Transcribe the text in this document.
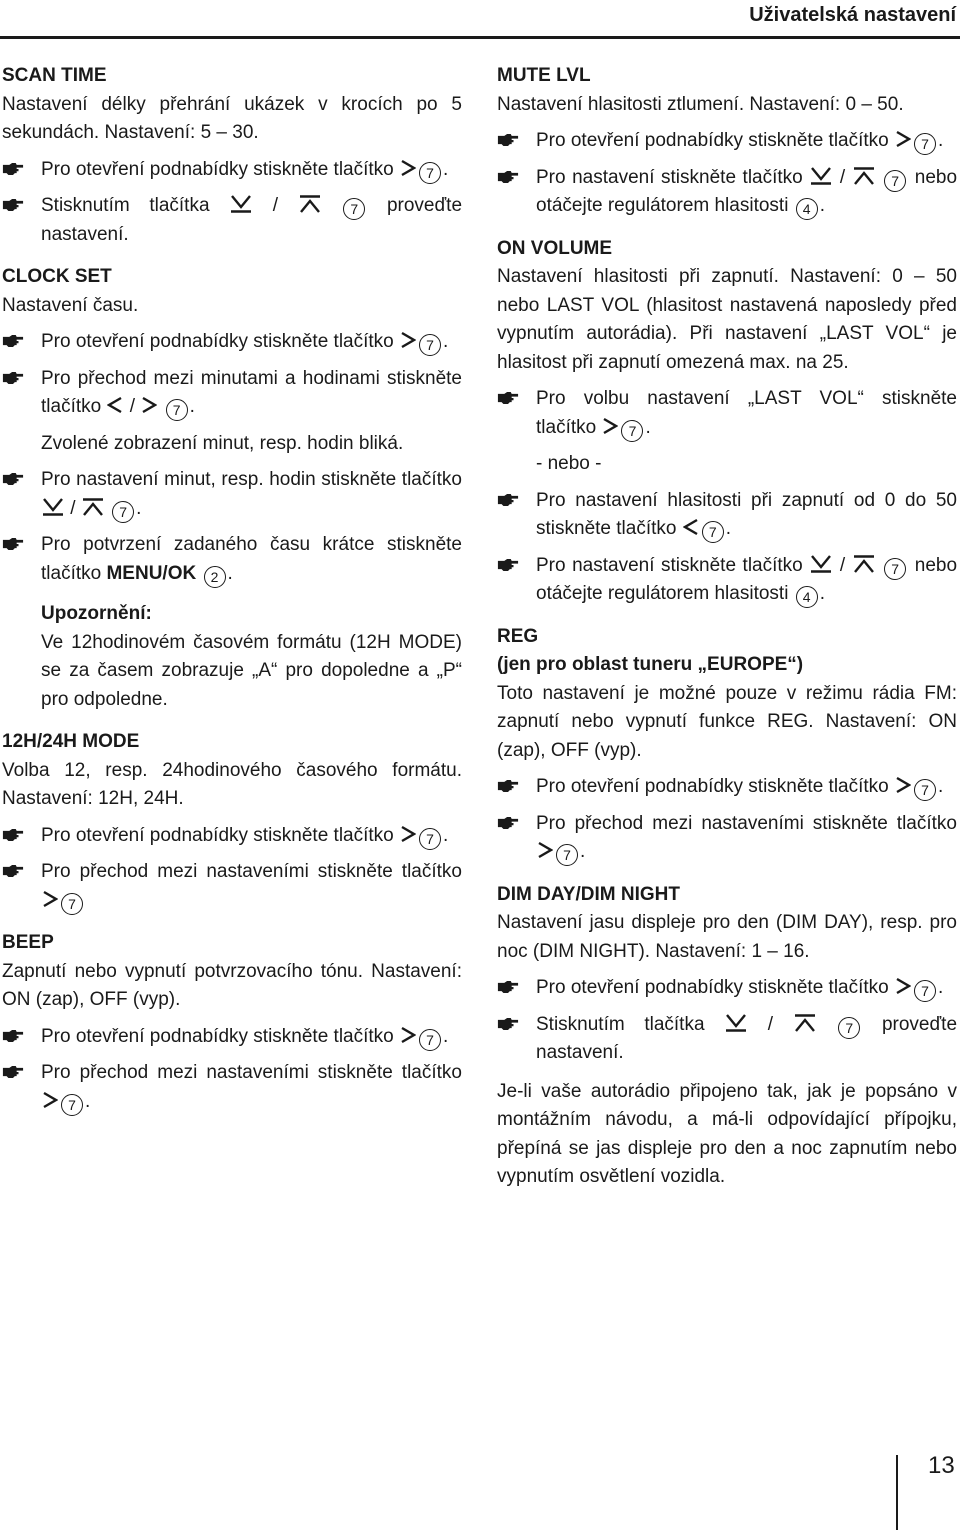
Uživatelská nastavení
SCAN TIME
Nastavení délky přehrání ukázek v krocích po 5 sekundách. Nastavení: 5 – 30.
Pro otevření podnabídky stiskněte tlačítko 7 .
Stisknutím tlačítka  /	7 proveďte nastavení.
CLOCK SET
Nastavení času.
Pro otevření podnabídky stiskněte tlačítko 7 .
Pro přechod mezi minutami a hodinami stiskněte tlačítko  /  7 .
Zvolené zobrazení minut, resp. hodin bliká.
Pro nastavení minut, resp. hodin stiskněte tlačítko  /	7 .
Pro potvrzení zadaného času krátce stiskněte tlačítko MENU/OK 2 .
Upozornění:
Ve 12hodinovém časovém formátu (12H MODE) se za časem zobrazuje „A“ pro dopoledne a „P“ pro odpoledne.
12H/24H MODE
Volba 12, resp. 24hodinového časového formátu. Nastavení: 12H, 24H.
Pro otevření podnabídky stiskněte tlačítko 7 .
Pro přechod mezi nastaveními stiskněte tlačítko 7
BEEP
Zapnutí nebo vypnutí potvrzovacího tónu. Nastavení: ON (zap), OFF (vyp).
Pro otevření podnabídky stiskněte tlačítko 7 .
Pro přechod mezi nastaveními stiskněte tlačítko 7 .
MUTE LVL
Nastavení hlasitosti ztlumení. Nastavení: 0 – 50.
Pro otevření podnabídky stiskněte tlačítko 7 .
Pro nastavení stiskněte tlačítko  /	7 nebo otáčejte regulátorem hlasitosti 4 .
ON VOLUME
Nastavení hlasitosti při zapnutí. Nastavení: 0 – 50 nebo LAST VOL (hlasitost nastavená naposledy před vypnutím autorádia). Při nastavení „LAST VOL“ je hlasitost při zapnutí omezená max. na 25.
Pro volbu nastavení „LAST VOL“ stiskněte tlačítko 7 .
- nebo -
Pro nastavení hlasitosti při zapnutí od 0 do 50 stiskněte tlačítko 7 .
Pro nastavení stiskněte tlačítko  /	7 nebo otáčejte regulátorem hlasitosti 4 .
REG
(jen pro oblast tuneru „EUROPE“)
Toto nastavení je možné pouze v režimu rádia FM: zapnutí nebo vypnutí funkce REG. Nastavení: ON (zap), OFF (vyp).
Pro otevření podnabídky stiskněte tlačítko 7 .
Pro přechod mezi nastaveními stiskněte tlačítko 7 .
DIM DAY/DIM NIGHT
Nastavení jasu displeje pro den (DIM DAY), resp. pro noc (DIM NIGHT). Nastavení: 1 – 16.
Pro otevření podnabídky stiskněte tlačítko 7 .
Stisknutím tlačítka  /	7 proveďte nastavení.
Je-li vaše autorádio připojeno tak, jak je popsáno v montážním návodu, a má-li odpovídající přípojku, přepíná se jas displeje pro den a noc zapnutím nebo vypnutím osvětlení vozidla.
13
